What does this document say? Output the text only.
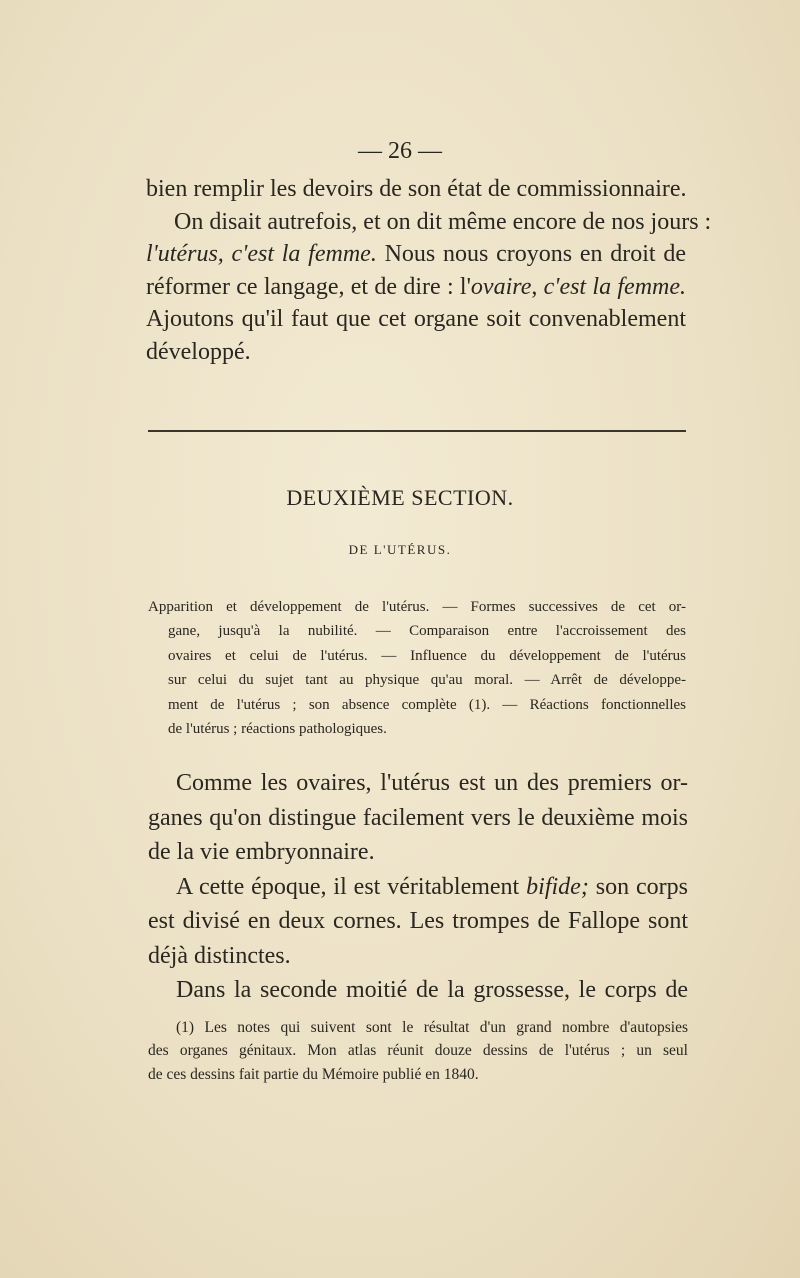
— 26 —
bien remplir les devoirs de son état de commissionnaire.
On disait autrefois, et on dit même encore de nos jours :
l'utérus, c'est la femme. Nous nous croyons en droit de
réformer ce langage, et de dire : l'ovaire, c'est la femme.
Ajoutons qu'il faut que cet organe soit convenablement
développé.
DEUXIÈME SECTION.
DE L'UTÉRUS.
Apparition et développement de l'utérus. — Formes successives de cet or-
gane, jusqu'à la nubilité. — Comparaison entre l'accroissement des
ovaires et celui de l'utérus. — Influence du développement de l'utérus
sur celui du sujet tant au physique qu'au moral. — Arrêt de développe-
ment de l'utérus ; son absence complète (1). — Réactions fonctionnelles
de l'utérus ; réactions pathologiques.
Comme les ovaires, l'utérus est un des premiers or-
ganes qu'on distingue facilement vers le deuxième mois
de la vie embryonnaire.
A cette époque, il est véritablement bifide; son corps
est divisé en deux cornes. Les trompes de Fallope sont
déjà distinctes.
Dans la seconde moitié de la grossesse, le corps de
(1) Les notes qui suivent sont le résultat d'un grand nombre d'autopsies
des organes génitaux. Mon atlas réunit douze dessins de l'utérus ; un seul
de ces dessins fait partie du Mémoire publié en 1840.
